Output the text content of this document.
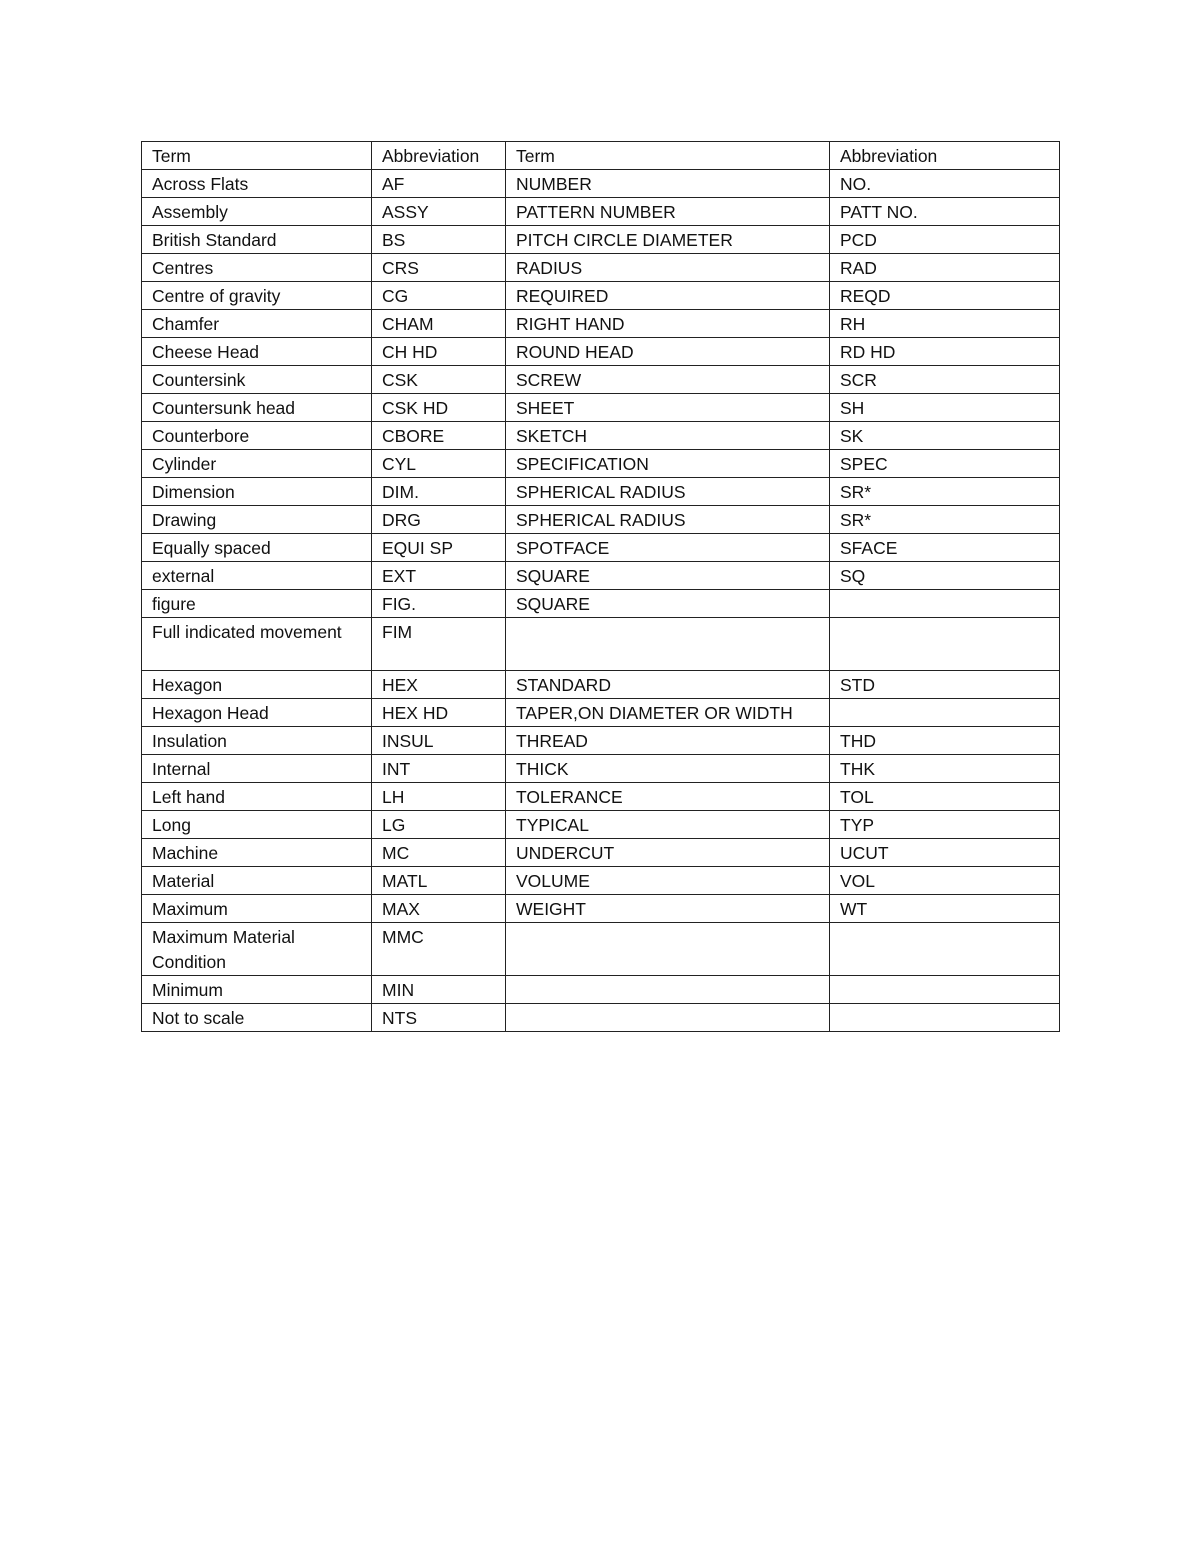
Term	Abbreviation	Term	Abbreviation
Across Flats	AF	NUMBER	NO.
Assembly	ASSY	PATTERN NUMBER	PATT NO.
British Standard	BS	PITCH CIRCLE DIAMETER	PCD
Centres	CRS	RADIUS	RAD
Centre of gravity	CG	REQUIRED	REQD
Chamfer	CHAM	RIGHT HAND	RH
Cheese Head	CH HD	ROUND HEAD	RD HD
Countersink	CSK	SCREW	SCR
Countersunk head	CSK HD	SHEET	SH
Counterbore	CBORE	SKETCH	SK
Cylinder	CYL	SPECIFICATION	SPEC
Dimension	DIM.	SPHERICAL RADIUS	SR*
Drawing	DRG	SPHERICAL RADIUS	SR*
Equally spaced	EQUI SP	SPOTFACE	SFACE
external	EXT	SQUARE	SQ
figure	FIG.	SQUARE	
Full indicated movement	FIM		
Hexagon	HEX	STANDARD	STD
Hexagon Head	HEX HD	TAPER,ON DIAMETER OR WIDTH	
Insulation	INSUL	THREAD	THD
Internal	INT	THICK	THK
Left hand	LH	TOLERANCE	TOL
Long	LG	TYPICAL	TYP
Machine	MC	UNDERCUT	UCUT
Material	MATL	VOLUME	VOL
Maximum	MAX	WEIGHT	WT
Maximum Material Condition	MMC		
Minimum	MIN		
Not to scale	NTS		
